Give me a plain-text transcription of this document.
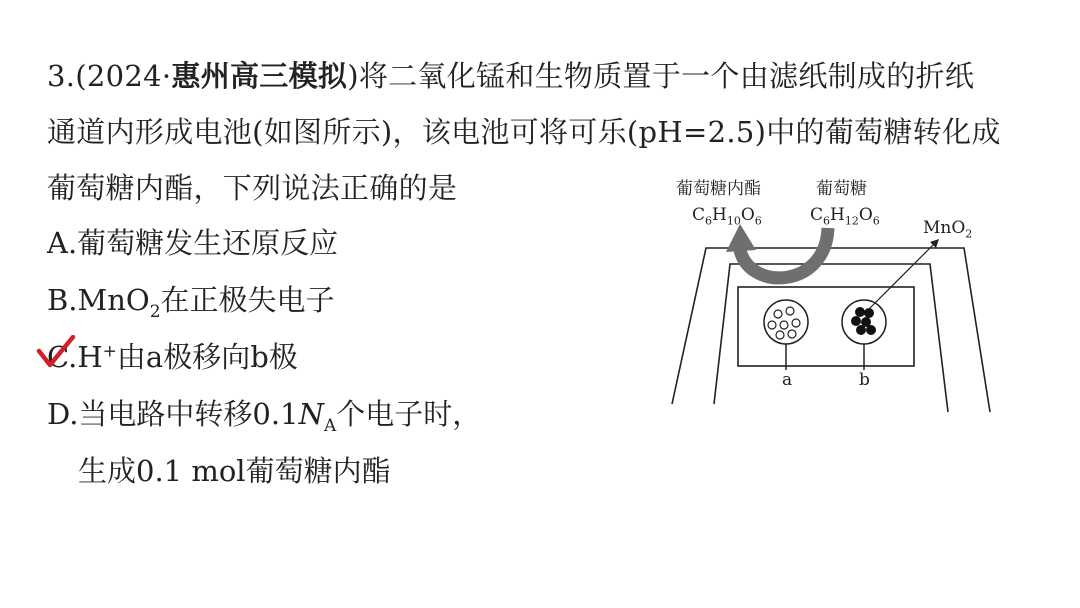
3.(2024·惠州高三模拟)将二氧化锰和生物质置于一个由滤纸制成的折纸
通道内形成电池(如图所示)，该电池可将可乐(pH=2.5)中的葡萄糖转化成
葡萄糖内酯，下列说法正确的是
A.葡萄糖发生还原反应
B.MnO$_2$在正极失电子
C.H+由a极移向b极
D.当电路中转移$0.1N_A$个电子时，
生成0.1 mol葡萄糖内酯
葡萄糖内酯
$C_6H_{10}O_6$
葡萄糖
$C_6H_{12}O_6$	MnO$_2$
a	b
